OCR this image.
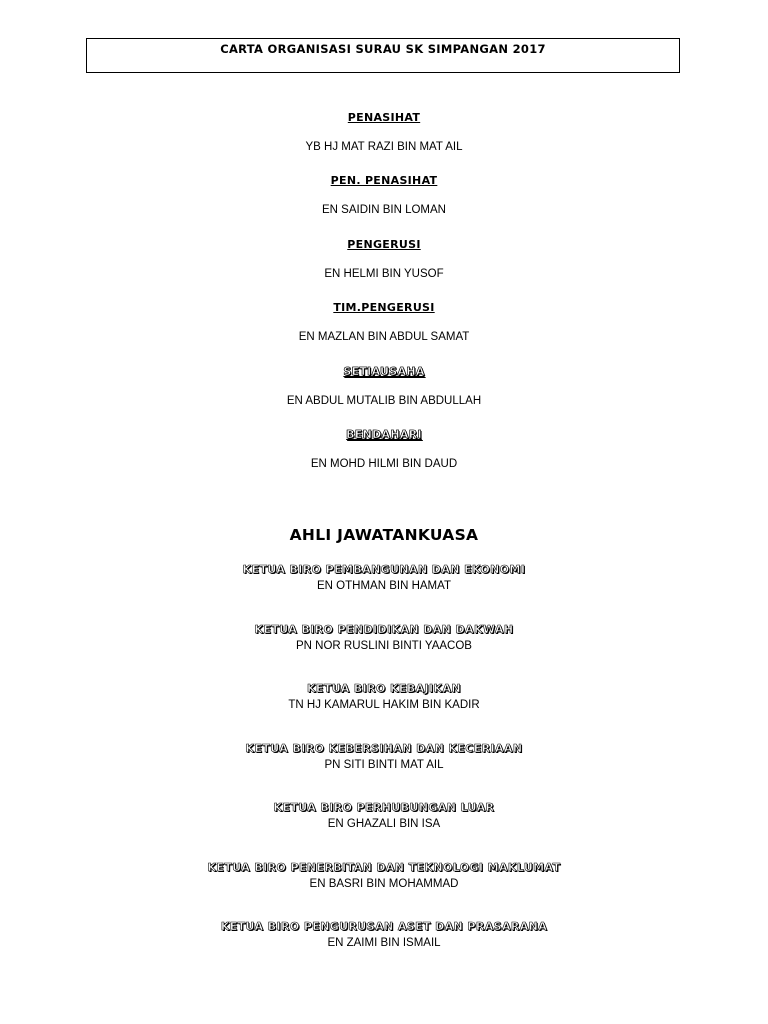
CARTA ORGANISASI SURAU SK SIMPANGAN 2017
PENASIHAT
YB HJ MAT RAZI BIN MAT AIL
PEN. PENASIHAT
EN SAIDIN BIN LOMAN
PENGERUSI
EN HELMI BIN YUSOF
TIM.PENGERUSI
EN MAZLAN BIN ABDUL SAMAT
SETIAUSAHA
EN ABDUL MUTALIB BIN ABDULLAH
BENDAHARI
EN MOHD HILMI BIN DAUD
AHLI JAWATANKUASA
KETUA BIRO PEMBANGUNAN DAN EKONOMI
EN OTHMAN BIN HAMAT
KETUA BIRO PENDIDIKAN DAN DAKWAH
PN NOR RUSLINI BINTI YAACOB
KETUA BIRO KEBAJIKAN
TN HJ KAMARUL HAKIM BIN KADIR
KETUA BIRO KEBERSIHAN DAN KECERIAAN
PN SITI BINTI MAT AIL
KETUA BIRO PERHUBUNGAN LUAR
EN GHAZALI BIN ISA
KETUA BIRO PENERBITAN DAN TEKNOLOGI MAKLUMAT
EN BASRI BIN MOHAMMAD
KETUA BIRO PENGURUSAN ASET DAN PRASARANA
EN ZAIMI BIN ISMAIL
